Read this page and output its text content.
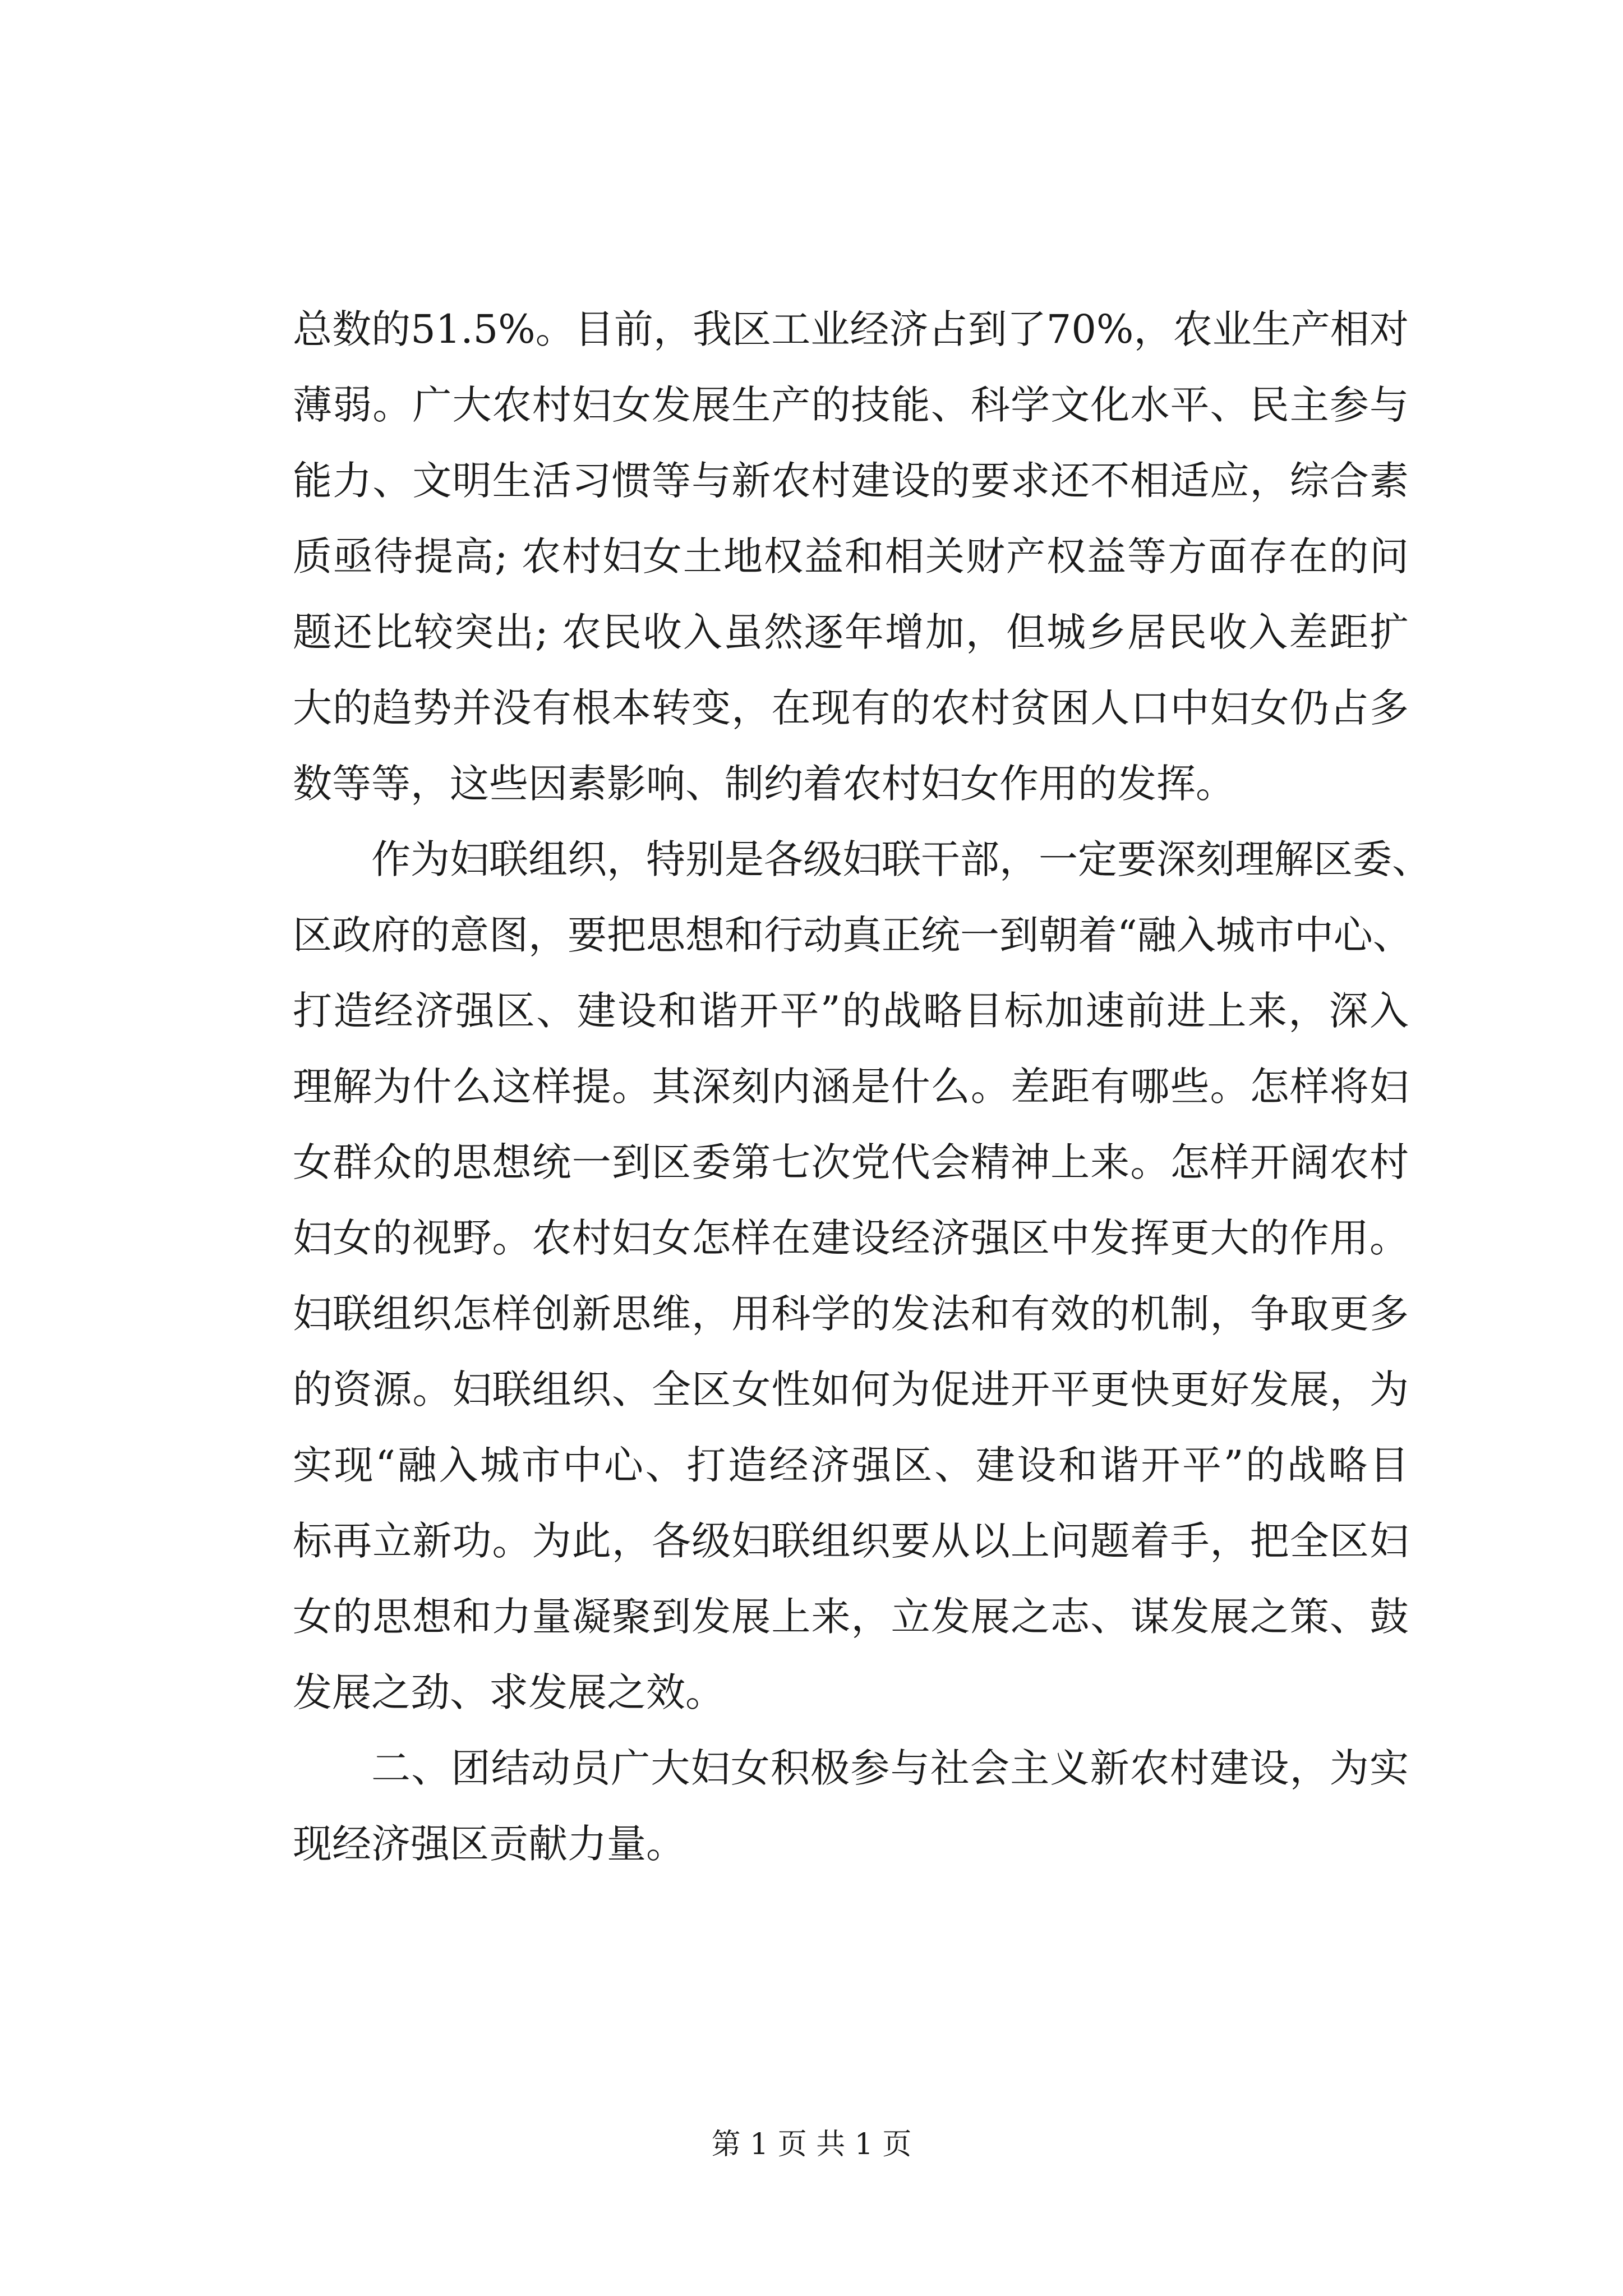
总数的51.5%。目前，我区工业经济占到了70%，农业生产相对
薄弱。广大农村妇女发展生产的技能、科学文化水平、民主参与
能力、文明生活习惯等与新农村建设的要求还不相适应，综合素
质亟待提高; 农村妇女土地权益和相关财产权益等方面存在的问
题还比较突出; 农民收入虽然逐年增加，但城乡居民收入差距扩
大的趋势并没有根本转变，在现有的农村贫困人口中妇女仍占多
数等等，这些因素影响、制约着农村妇女作用的发挥。
作为妇联组织，特别是各级妇联干部，一定要深刻理解区委、
区政府的意图，要把思想和行动真正统一到朝着“融入城市中心、
打造经济强区、建设和谐开平”的战略目标加速前进上来，深入
理解为什么这样提。其深刻内涵是什么。差距有哪些。怎样将妇
女群众的思想统一到区委第七次党代会精神上来。怎样开阔农村
妇女的视野。农村妇女怎样在建设经济强区中发挥更大的作用。
妇联组织怎样创新思维，用科学的发法和有效的机制，争取更多
的资源。妇联组织、全区女性如何为促进开平更快更好发展，为
实现“融入城市中心、打造经济强区、建设和谐开平”的战略目
标再立新功。为此，各级妇联组织要从以上问题着手，把全区妇
女的思想和力量凝聚到发展上来，立发展之志、谋发展之策、鼓
发展之劲、求发展之效。
二、团结动员广大妇女积极参与社会主义新农村建设，为实
现经济强区贡献力量。
第 1 页 共 1 页
